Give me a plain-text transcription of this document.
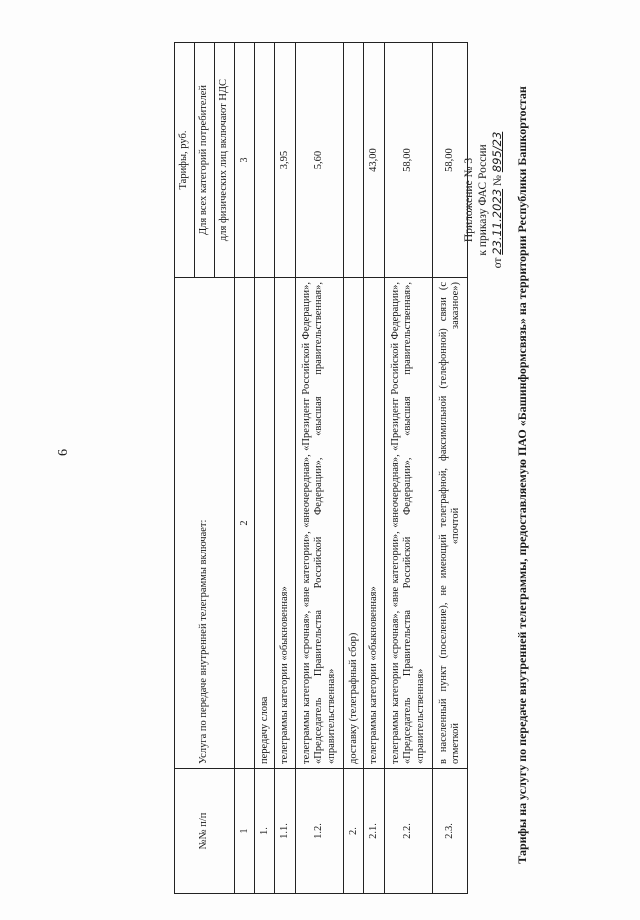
6
Приложение № 3 к приказу ФАС России
от 23.11.2023 № 895/23 Тарифы на услугу по передаче внутренней телеграммы, предоставляемую ПАО «Башинформсвязь» на территории Республики Башкортостан
№№ п/п	Услуга по передаче внутренней телеграммы включает:	Тарифы, руб.
		Для всех категорий потребителей
		для физических лиц включают НДС
1	2	3
1.	передачу слова	
1.1.	телеграммы категории «обыкновенная»	3,95
1.2.	телеграммы категории «срочная», «вне категории», «внеочередная», «Президент Российской Федерации», «Председатель Правительства Российской Федерации», «высшая правительственная», «правительственная»	5,60
2.	доставку (телеграфный сбор)	
2.1.	телеграммы категории «обыкновенная»	43,00
2.2.	телеграммы категории «срочная», «вне категории», «внеочередная», «Президент Российской Федерации», «Председатель Правительства Российской Федерации», «высшая правительственная», «правительственная»	58,00
2.3.	в населенный пункт (поселение), не имеющий телеграфной, факсимильной (телефонной) связи (с отметкой «почтой заказное»)	58,00
